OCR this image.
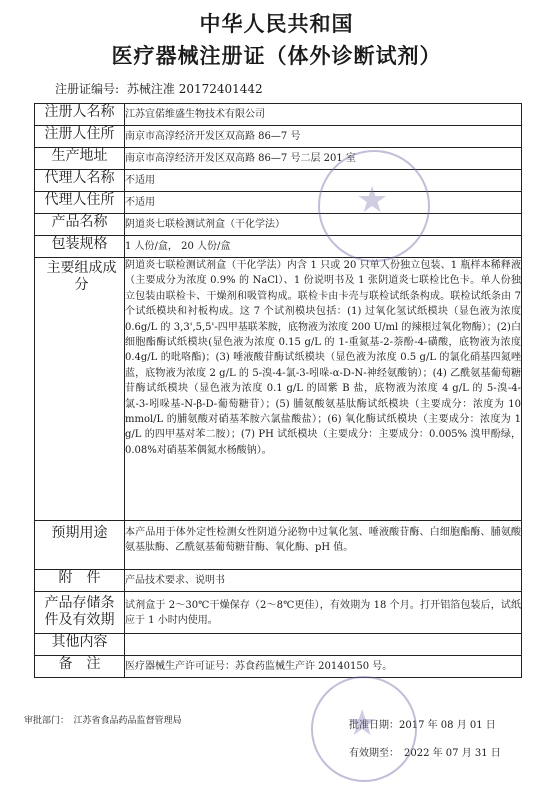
中华人民共和国
医疗器械注册证（体外诊断试剂）
注册证编号: 苏械注准 20172401442
注册人名称	江苏宜偌维盛生物技术有限公司
注册人住所	南京市高淳经济开发区双高路 86—7 号
生产地址	南京市高淳经济开发区双高路 86—7 号二层 201 室
代理人名称	不适用
代理人住所	不适用
产品名称	阴道炎七联检测试剂盒（干化学法）
包装规格	1 人份/盒， 20 人份/盒
主要组成成分	阴道炎七联检测试剂盒（干化学法）内含 1 只或 20 只单人份独立包装、1 瓶样本稀释液（主要成分为浓度 0.9% 的 NaCl）、1 份说明书及 1 张阴道炎七联检比色卡。单人份独立包装由联检卡、干燥剂和吸管构成。联检卡由卡壳与联检试纸条构成。联检试纸条由 7 个试纸模块和衬板构成。这 7 个试剂模块包括：(1) 过氧化氢试纸模块（显色液为浓度 0.6g/L 的 3,3',5,5'-四甲基联苯胺，底物液为浓度 200 U/ml 的辣根过氧化物酶）；(2)白细胞酯酶试纸模块(显色液为浓度 0.15 g/L 的 1-重氮基-2-萘酚-4-磺酸，底物液为浓度 0.4g/L 的吡咯酯)；(3) 唾液酸苷酶试纸模块（显色液为浓度 0.5 g/L 的氯化硝基四氮唑蓝，底物液为浓度 2 g/L 的 5-溴-4-氯-3-吲哚-α-D-N-神经氨酸钠）；(4) 乙酰氨基葡萄糖苷酶试纸模块（显色液为浓度 0.1 g/L 的固紫 B 盐，底物液为浓度 4 g/L 的 5-溴-4-氯-3-吲哚基-N-β-D-葡萄糖苷）；(5) 脯氨酸氨基肽酶试纸模块（主要成分：浓度为 10 mmol/L 的脯氨酸对硝基苯胺六氯盐酸盐）；(6) 氧化酶试纸模块（主要成分：浓度为 1 g/L 的四甲基对苯二胺）；(7) PH 试纸模块（主要成分：主要成分：0.005% 溴甲酚绿，0.08%对硝基苯偶氮水杨酸钠）。
预期用途	本产品用于体外定性检测女性阴道分泌物中过氧化氢、唾液酸苷酶、白细胞酯酶、脯氨酸氨基肽酶、乙酰氨基葡萄糖苷酶、氧化酶、pH 值。
附　件	产品技术要求、说明书
产品存储条件及有效期	试剂盒于 2～30℃干燥保存（2～8℃更佳），有效期为 18 个月。打开铝箔包装后，试纸应于 1 小时内使用。
其他内容	
备　注	医疗器械生产许可证号：苏食药监械生产许 20140150 号。
审批部门：　江苏省食品药品监督管理局	批准日期：2017 年 08 月 01 日
有效期至：　2022 年 07 月 31 日
★
★
